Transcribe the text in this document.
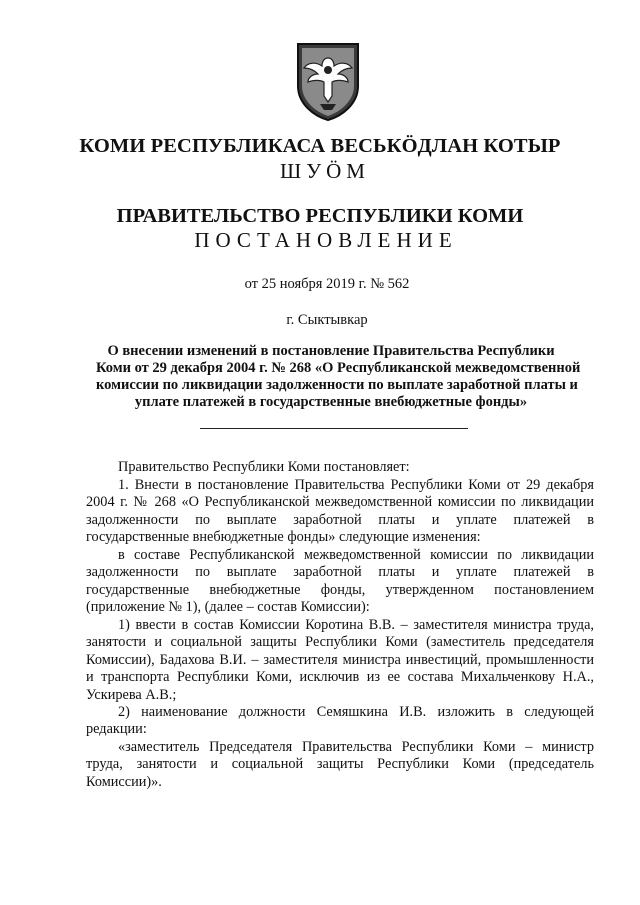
КОМИ РЕСПУБЛИКАСА ВЕСЬКӦДЛАН КОТЫР
ШУӦМ
ПРАВИТЕЛЬСТВО РЕСПУБЛИКИ КОМИ
ПОСТАНОВЛЕНИЕ
от 25 ноября 2019 г. № 562
г. Сыктывкар
О внесении изменений в постановление Правительства Республики
Коми от 29 декабря 2004 г. № 268 «О Республиканской межведомственной
комиссии по ликвидации задолженности по выплате заработной платы и
уплате платежей в государственные внебюджетные фонды»
Правительство Республики Коми постановляет:

1. Внести в постановление Правительства Республики Коми от 29 декабря 2004 г. № 268 «О Республиканской межведомственной комиссии по ликвидации задолженности по выплате заработной платы и уплате платежей в государственные внебюджетные фонды» следующие изменения:

в составе Республиканской межведомственной комиссии по ликвидации задолженности по выплате заработной платы и уплате платежей в государственные внебюджетные фонды, утвержденном постановлением (приложение № 1), (далее – состав Комиссии):

1) ввести в состав Комиссии Коротина В.В. – заместителя министра труда, занятости и социальной защиты Республики Коми (заместитель председателя Комиссии), Бадахова В.И. – заместителя министра инвестиций, промышленности и транспорта Республики Коми, исключив из ее состава Михальченкову Н.А., Ускирева А.В.;

2) наименование должности Семяшкина И.В. изложить в следующей редакции:

«заместитель Председателя Правительства Республики Коми – министр труда, занятости и социальной защиты Республики Коми (председатель Комиссии)».
